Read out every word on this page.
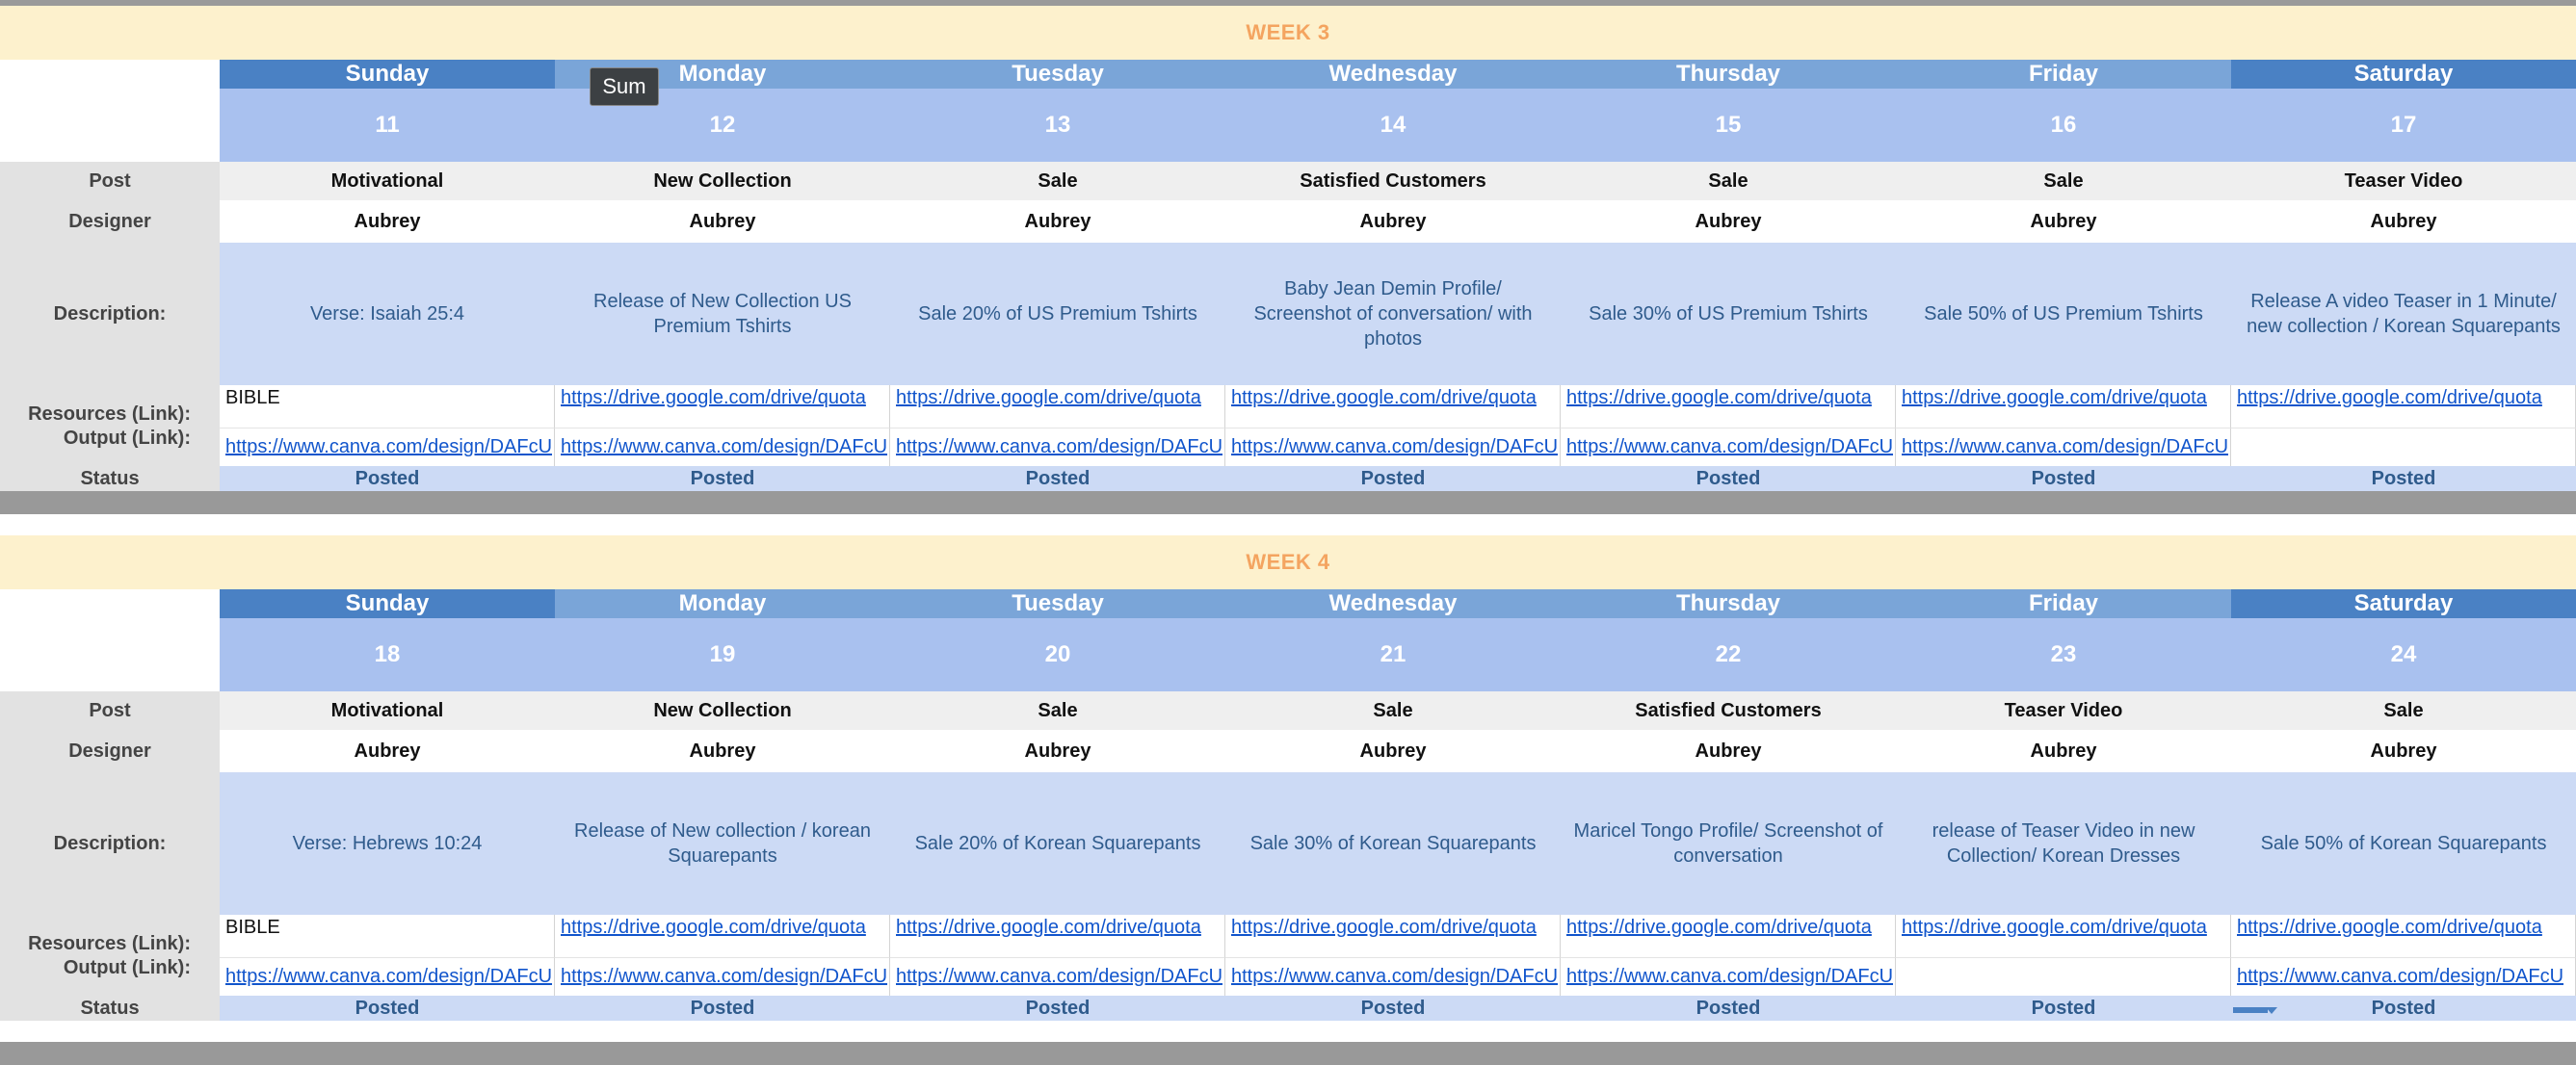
WEEK 3
Post
Designer
Description:
Resources (Link):
Output (Link):
Status
Sunday
11
Motivational
Aubrey
Verse: Isaiah 25:4
BIBLE
https://www.canva.com/design/DAFcU
Posted
Monday
12
New Collection
Aubrey
Release of New Collection US Premium Tshirts
https://drive.google.com/drive/quota
https://www.canva.com/design/DAFcU
Posted
Tuesday
13
Sale
Aubrey
Sale 20% of US Premium Tshirts
https://drive.google.com/drive/quota
https://www.canva.com/design/DAFcU
Posted
Wednesday
14
Satisfied Customers
Aubrey
Baby Jean Demin Profile/ Screenshot of conversation/ with photos
https://drive.google.com/drive/quota
https://www.canva.com/design/DAFcU
Posted
Thursday
15
Sale
Aubrey
Sale 30% of US Premium Tshirts
https://drive.google.com/drive/quota
https://www.canva.com/design/DAFcU
Posted
Friday
16
Sale
Aubrey
Sale 50% of US Premium Tshirts
https://drive.google.com/drive/quota
https://www.canva.com/design/DAFcU
Posted
Saturday
17
Teaser Video
Aubrey
Release A video Teaser in 1 Minute/ new collection / Korean Squarepants
https://drive.google.com/drive/quota
Posted
WEEK 4
Post
Designer
Description:
Resources (Link):
Output (Link):
Status
Sunday
18
Motivational
Aubrey
Verse: Hebrews 10:24
BIBLE
https://www.canva.com/design/DAFcU
Posted
Monday
19
New Collection
Aubrey
Release of New collection / korean Squarepants
https://drive.google.com/drive/quota
https://www.canva.com/design/DAFcU
Posted
Tuesday
20
Sale
Aubrey
Sale 20% of Korean Squarepants
https://drive.google.com/drive/quota
https://www.canva.com/design/DAFcU
Posted
Wednesday
21
Sale
Aubrey
Sale 30% of Korean Squarepants
https://drive.google.com/drive/quota
https://www.canva.com/design/DAFcU
Posted
Thursday
22
Satisfied Customers
Aubrey
Maricel Tongo Profile/ Screenshot of conversation
https://drive.google.com/drive/quota
https://www.canva.com/design/DAFcU
Posted
Friday
23
Teaser Video
Aubrey
release of Teaser Video in new Collection/ Korean Dresses
https://drive.google.com/drive/quota
Posted
Saturday
24
Sale
Aubrey
Sale 50% of Korean Squarepants
https://drive.google.com/drive/quota
https://www.canva.com/design/DAFcU
Posted
Sum
